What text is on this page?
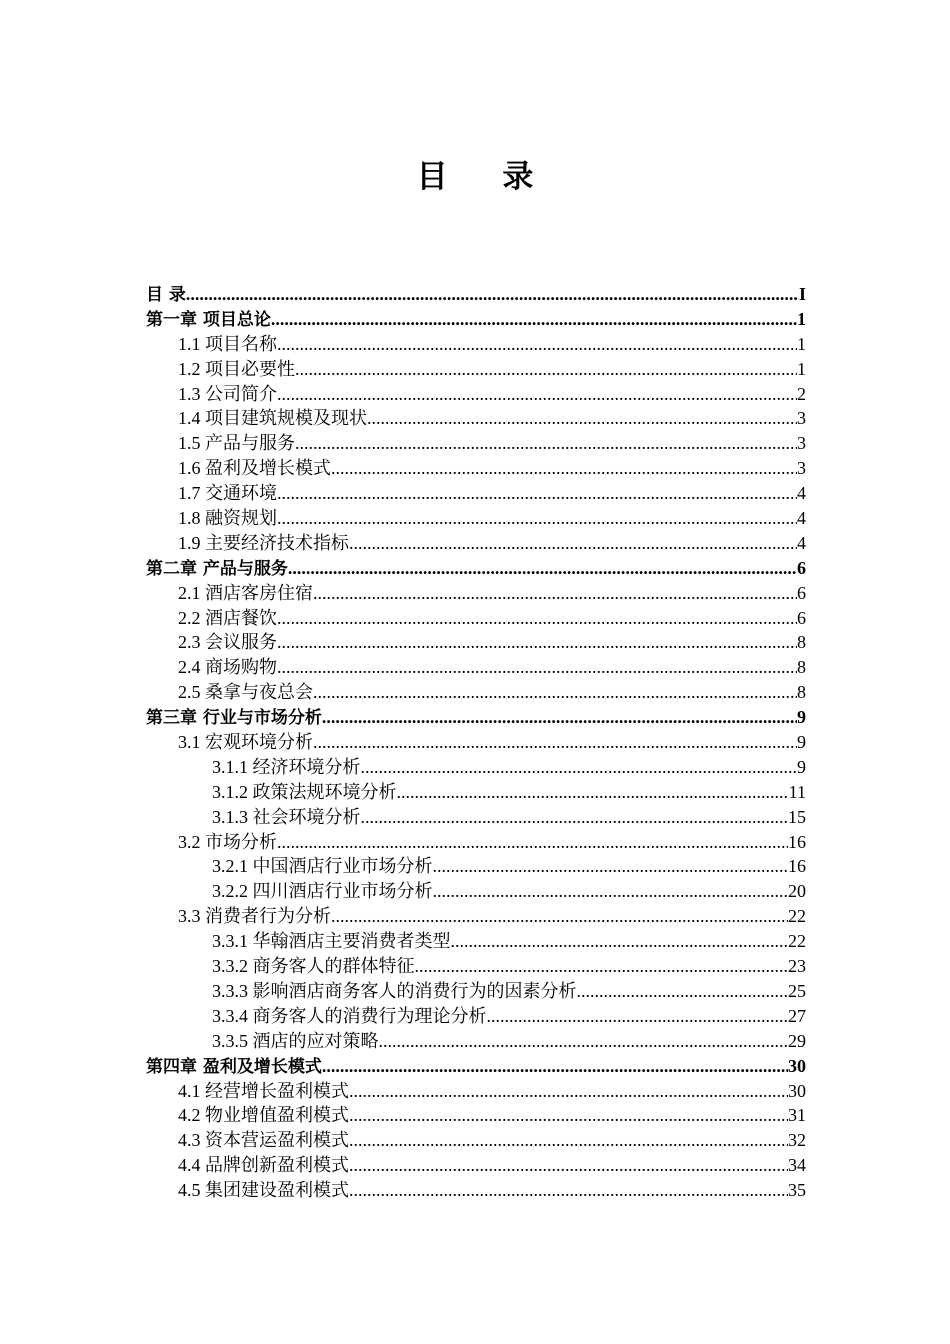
目 录
目 录 .....	I
第一章 项目总论 .....	1
1.1 项目名称 .....	1
1.2 项目必要性 .....	1
1.3 公司简介 .....	2
1.4 项目建筑规模及现状 .....	3
1.5 产品与服务 .....	3
1.6 盈利及增长模式 .....	3
1.7 交通环境 .....	4
1.8 融资规划 .....	4
1.9 主要经济技术指标 .....	4
第二章 产品与服务 .....	6
2.1 酒店客房住宿 .....	6
2.2 酒店餐饮 .....	6
2.3 会议服务 .....	8
2.4 商场购物 .....	8
2.5 桑拿与夜总会 .....	8
第三章 行业与市场分析 .....	9
3.1 宏观环境分析 .....	9
3.1.1 经济环境分析 .....	9
3.1.2 政策法规环境分析 .....	11
3.1.3 社会环境分析 .....	15
3.2 市场分析 .....	16
3.2.1 中国酒店行业市场分析 .....	16
3.2.2 四川酒店行业市场分析 .....	20
3.3 消费者行为分析 .....	22
3.3.1 华翰酒店主要消费者类型 .....	22
3.3.2 商务客人的群体特征 .....	23
3.3.3 影响酒店商务客人的消费行为的因素分析 .....	25
3.3.4 商务客人的消费行为理论分析 .....	27
3.3.5 酒店的应对策略 .....	29
第四章 盈利及增长模式 .....	30
4.1 经营增长盈利模式 .....	30
4.2 物业增值盈利模式 .....	31
4.3 资本营运盈利模式 .....	32
4.4 品牌创新盈利模式 .....	34
4.5 集团建设盈利模式 .....	35
